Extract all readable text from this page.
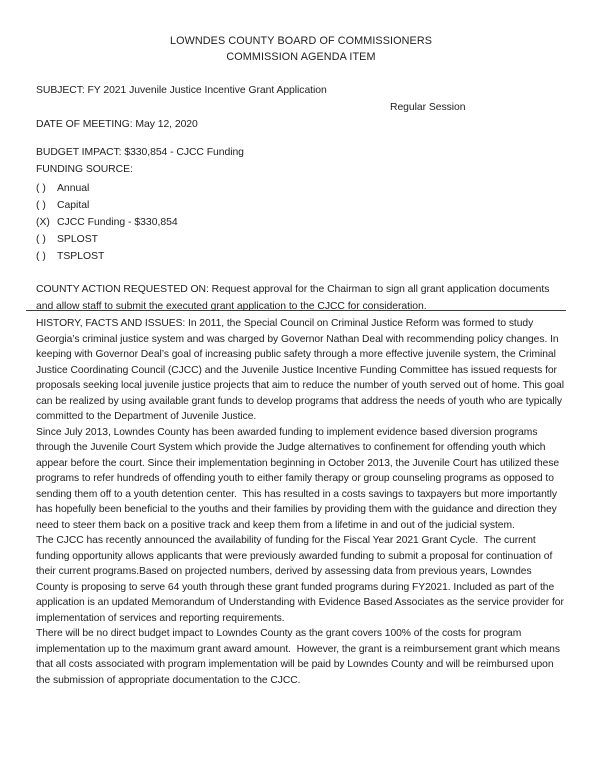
LOWNDES COUNTY BOARD OF COMMISSIONERS
COMMISSION AGENDA ITEM
SUBJECT: FY 2021 Juvenile Justice Incentive Grant Application
Regular Session
DATE OF MEETING: May 12, 2020
BUDGET IMPACT: $330,854 - CJCC Funding
FUNDING SOURCE:
( )	Annual
( )	Capital
(X) CJCC Funding - $330,854
( )	SPLOST
( )	TSPLOST

COUNTY ACTION REQUESTED ON: Request approval for the Chairman to sign all grant application documents and allow staff to submit the executed grant application to the CJCC for consideration.

HISTORY, FACTS AND ISSUES: In 2011, the Special Council on Criminal Justice Reform was formed to study Georgia’s criminal justice system and was charged by Governor Nathan Deal with recommending policy changes. In keeping with Governor Deal’s goal of increasing public safety through a more effective juvenile system, the Criminal Justice Coordinating Council (CJCC) and the Juvenile Justice Incentive Funding Committee has issued requests for proposals seeking local juvenile justice projects that aim to reduce the number of youth served out of home. This goal can be realized by using available grant funds to develop programs that address the needs of youth who are typically committed to the Department of Juvenile Justice.

Since July 2013, Lowndes County has been awarded funding to implement evidence based diversion programs through the Juvenile Court System which provide the Judge alternatives to confinement for offending youth which appear before the court. Since their implementation beginning in October 2013, the Juvenile Court has utilized these programs to refer hundreds of offending youth to either family therapy or group counseling programs as opposed to sending them off to a youth detention center.  This has resulted in a costs savings to taxpayers but more importantly has hopefully been beneficial to the youths and their families by providing them with the guidance and direction they need to steer them back on a positive track and keep them from a lifetime in and out of the judicial system.

The CJCC has recently announced the availability of funding for the Fiscal Year 2021 Grant Cycle.  The current funding opportunity allows applicants that were previously awarded funding to submit a proposal for continuation of their current programs.Based on projected numbers, derived by assessing data from previous years, Lowndes County is proposing to serve 64 youth through these grant funded programs during FY2021. Included as part of the application is an updated Memorandum of Understanding with Evidence Based Associates as the service provider for implementation of services and reporting requirements.

There will be no direct budget impact to Lowndes County as the grant covers 100% of the costs for program implementation up to the maximum grant award amount.  However, the grant is a reimbursement grant which means that all costs associated with program implementation will be paid by Lowndes County and will be reimbursed upon the submission of appropriate documentation to the CJCC.
